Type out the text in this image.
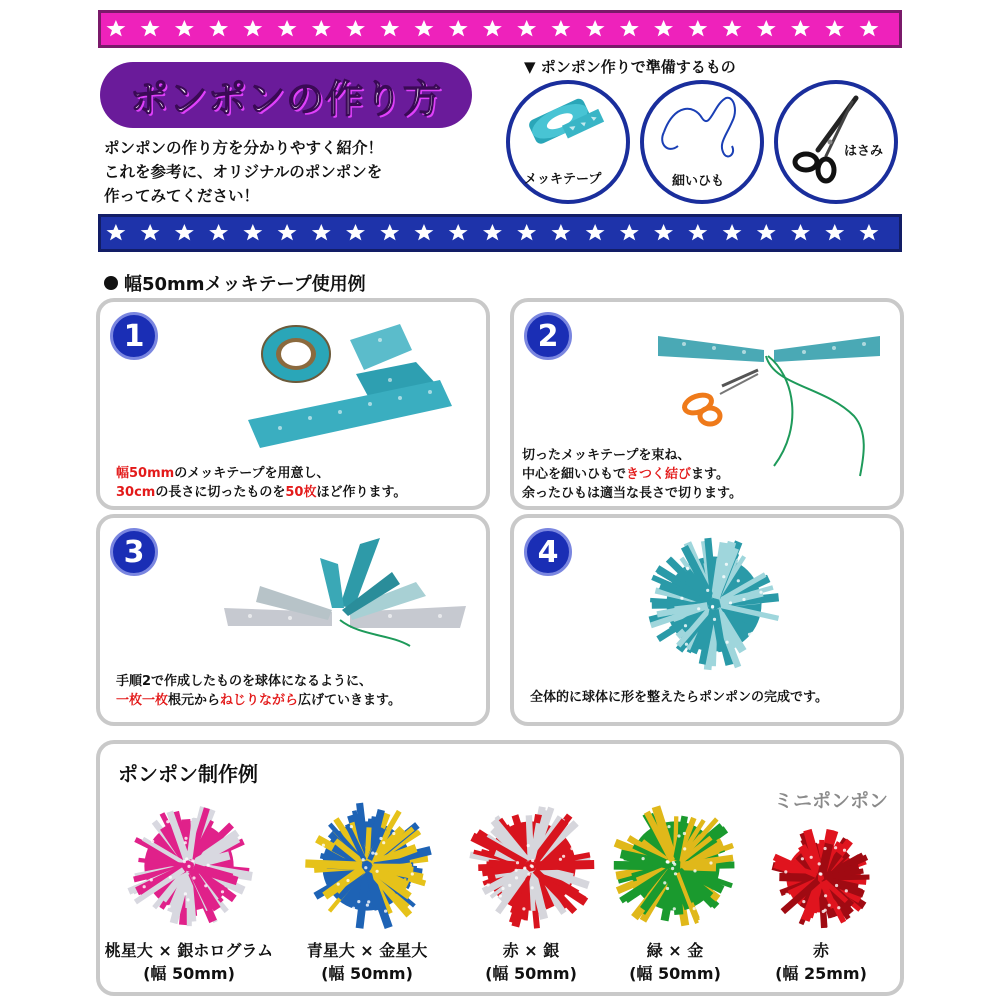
ポンポンの作り方
ポンポンの作り方を分かりやすく紹介！
これを参考に、オリジナルのポンポンを
作ってみてください！
▼ ポンポン作りで準備するもの
メッキテープ	細いひも
はさみ
幅50mmメッキテープ使用例
1
幅50mmのメッキテープを用意し、
30cmの長さに切ったものを50枚ほど作ります。
2
切ったメッキテープを束ね、
中心を細いひもできつく結びます。
余ったひもは適当な長さで切ります。
3
手順2で作成したものを球体になるように、
一枚一枚根元からねじりながら広げていきます。
4
全体的に球体に形を整えたらポンポンの完成です。
ポンポン制作例
ミニポンポン
桃星大 × 銀ホログラム
(幅 50mm)
青星大 × 金星大
(幅 50mm)
赤 × 銀
(幅 50mm)
緑 × 金
(幅 50mm)
赤
(幅 25mm)
